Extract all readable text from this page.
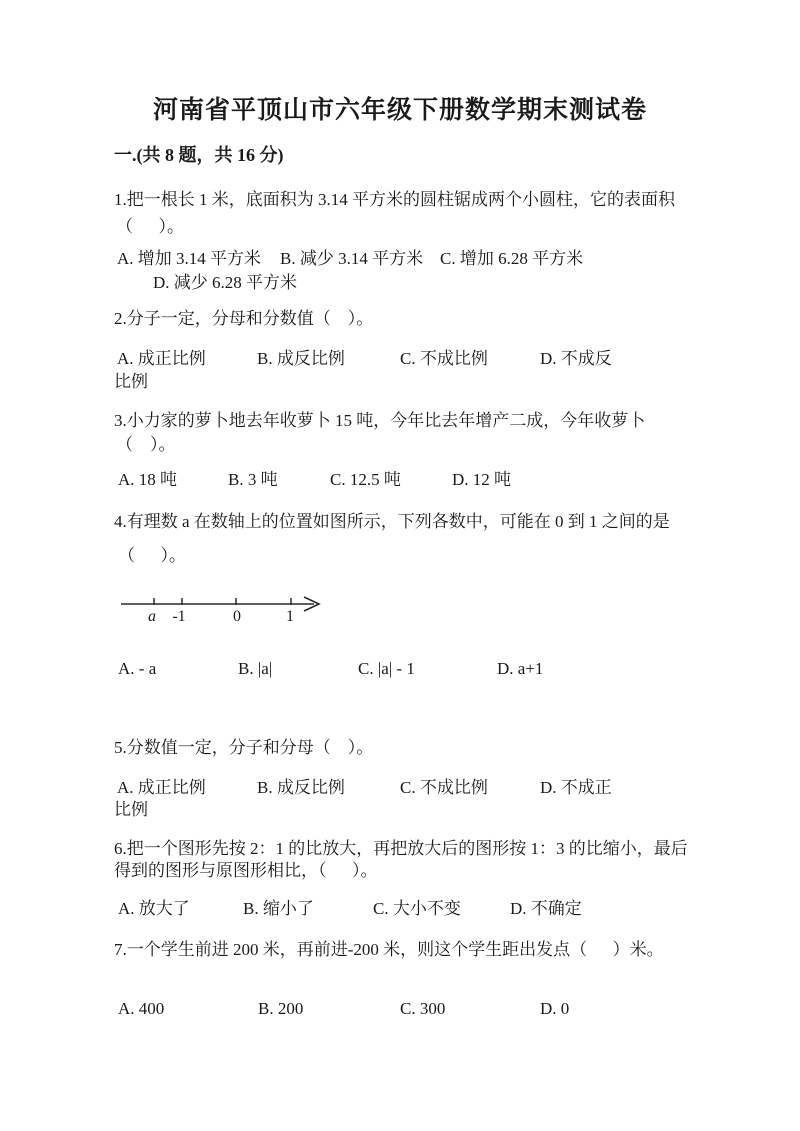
河南省平顶山市六年级下册数学期末测试卷
一.(共 8 题，共 16 分)
1.把一根长 1 米，底面积为 3.14 平方米的圆柱锯成两个小圆柱，它的表面积
（      ）。
A. 增加 3.14 平方米 B. 减少 3.14 平方米 C. 增加 6.28 平方米
D. 减少 6.28 平方米
2.分子一定，分母和分数值（    ）。
A. 成正比例	B. 成反比例	C. 不成比例	D. 不成反
比例
3.小力家的萝卜地去年收萝卜 15 吨，今年比去年增产二成，今年收萝卜
（    ）。
A. 18 吨	B. 3 吨	C. 12.5 吨	D. 12 吨
4.有理数 a 在数轴上的位置如图所示，下列各数中，可能在 0 到 1 之间的是
（      ）。
a -1	0	1
A. - a	B. |a|	C. |a| - 1	D. a+1
5.分数值一定，分子和分母（    ）。
A. 成正比例	B. 成反比例	C. 不成比例	D. 不成正
比例
6.把一个图形先按 2：1 的比放大，再把放大后的图形按 1：3 的比缩小，最后
得到的图形与原图形相比，（      ）。
A. 放大了	B. 缩小了	C. 大小不变	D. 不确定
7.一个学生前进 200 米，再前进-200 米，则这个学生距出发点（      ）米。
A. 400	B. 200	C. 300	D. 0
